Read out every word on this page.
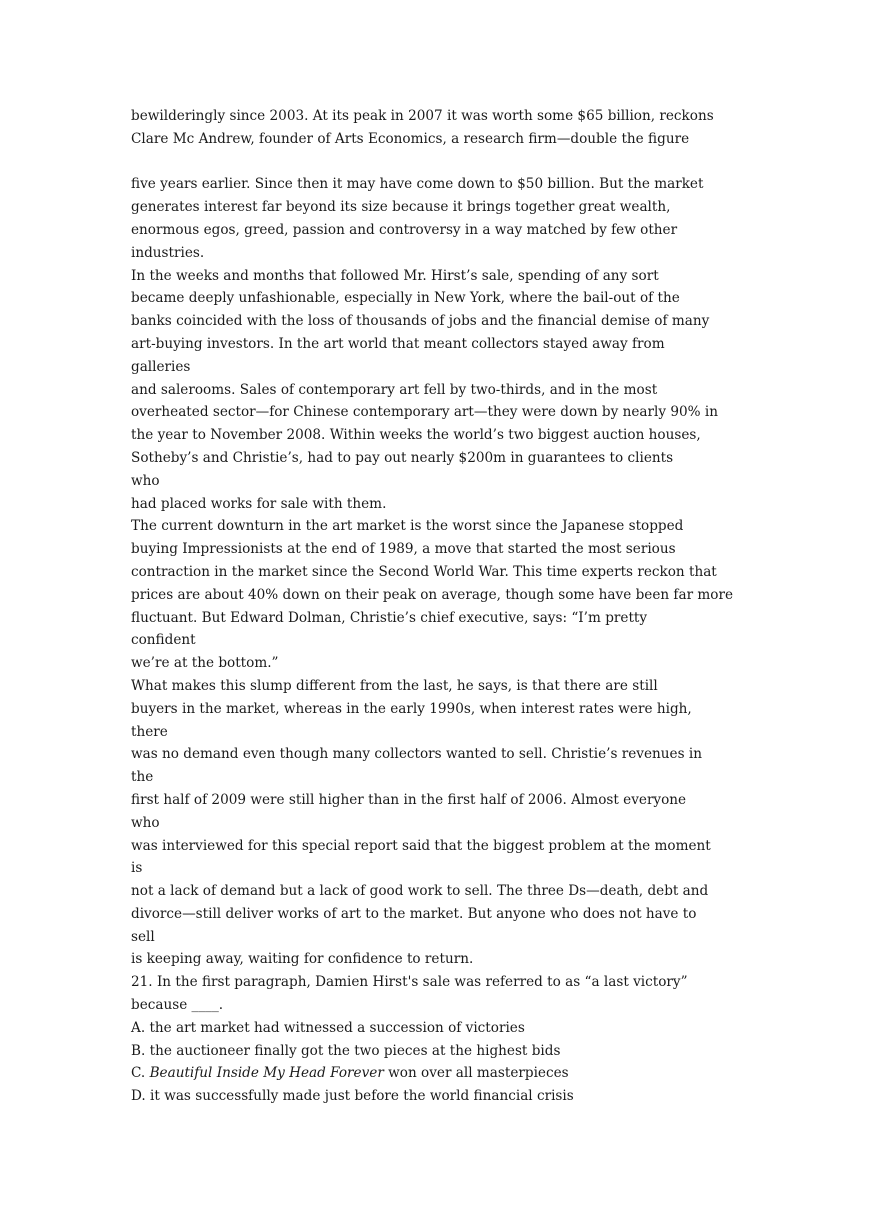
bewilderingly since 2003. At its peak in 2007 it was worth some $65 billion, reckons
Clare Mc Andrew, founder of Arts Economics, a research firm—double the figure
five years earlier. Since then it may have come down to $50 billion. But the market
generates interest far beyond its size because it brings together great wealth,
enormous egos, greed, passion and controversy in a way matched by few other
industries.
In the weeks and months that followed Mr. Hirst’s sale, spending of any sort
became deeply unfashionable, especially in New York, where the bail-out of the
banks coincided with the loss of thousands of jobs and the financial demise of many
art-buying investors. In the art world that meant collectors stayed away from
galleries
and salerooms. Sales of contemporary art fell by two-thirds, and in the most
overheated sector—for Chinese contemporary art—they were down by nearly 90% in
the year to November 2008. Within weeks the world’s two biggest auction houses,
Sotheby’s and Christie’s, had to pay out nearly $200m in guarantees to clients
who
had placed works for sale with them.
The current downturn in the art market is the worst since the Japanese stopped
buying Impressionists at the end of 1989, a move that started the most serious
contraction in the market since the Second World War. This time experts reckon that
prices are about 40% down on their peak on average, though some have been far more
fluctuant. But Edward Dolman, Christie’s chief executive, says: “I’m pretty
confident
we’re at the bottom.”
What makes this slump different from the last, he says, is that there are still
buyers in the market, whereas in the early 1990s, when interest rates were high,
there
was no demand even though many collectors wanted to sell. Christie’s revenues in
the
first half of 2009 were still higher than in the first half of 2006. Almost everyone
who
was interviewed for this special report said that the biggest problem at the moment
is
not a lack of demand but a lack of good work to sell. The three Ds—death, debt and
divorce—still deliver works of art to the market. But anyone who does not have to
sell
is keeping away, waiting for confidence to return.
21. In the first paragraph, Damien Hirst's sale was referred to as “a last victory”
because ____.
A. the art market had witnessed a succession of victories
B. the auctioneer finally got the two pieces at the highest bids
C. Beautiful Inside My Head Forever won over all masterpieces
D. it was successfully made just before the world financial crisis
